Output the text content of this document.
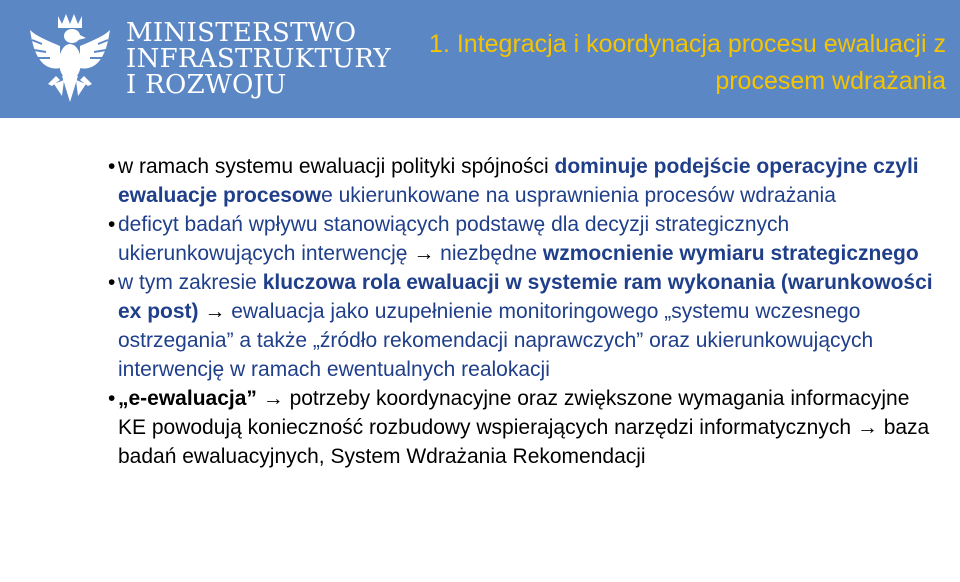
MINISTERSTWO
INFRASTRUKTURY
I ROZWOJU
1. Integracja i koordynacja procesu ewaluacji z procesem wdrażania

• w ramach systemu ewaluacji polityki spójności dominuje podejście operacyjne czyli ewaluacje procesowe ukierunkowane na usprawnienia procesów wdrażania

• deficyt badań wpływu stanowiących podstawę dla decyzji strategicznych ukierunkowujących interwencję → niezbędne wzmocnienie wymiaru strategicznego

• w tym zakresie kluczowa rola ewaluacji w systemie ram wykonania (warunkowości ex post) → ewaluacja jako uzupełnienie monitoringowego „systemu wczesnego ostrzegania” a także „źródło rekomendacji naprawczych” oraz ukierunkowujących interwencję w ramach ewentualnych realokacji

• „e-ewaluacja” → potrzeby koordynacyjne oraz zwiększone wymagania informacyjne KE powodują konieczność rozbudowy wspierających narzędzi informatycznych → baza badań ewaluacyjnych, System Wdrażania Rekomendacji
